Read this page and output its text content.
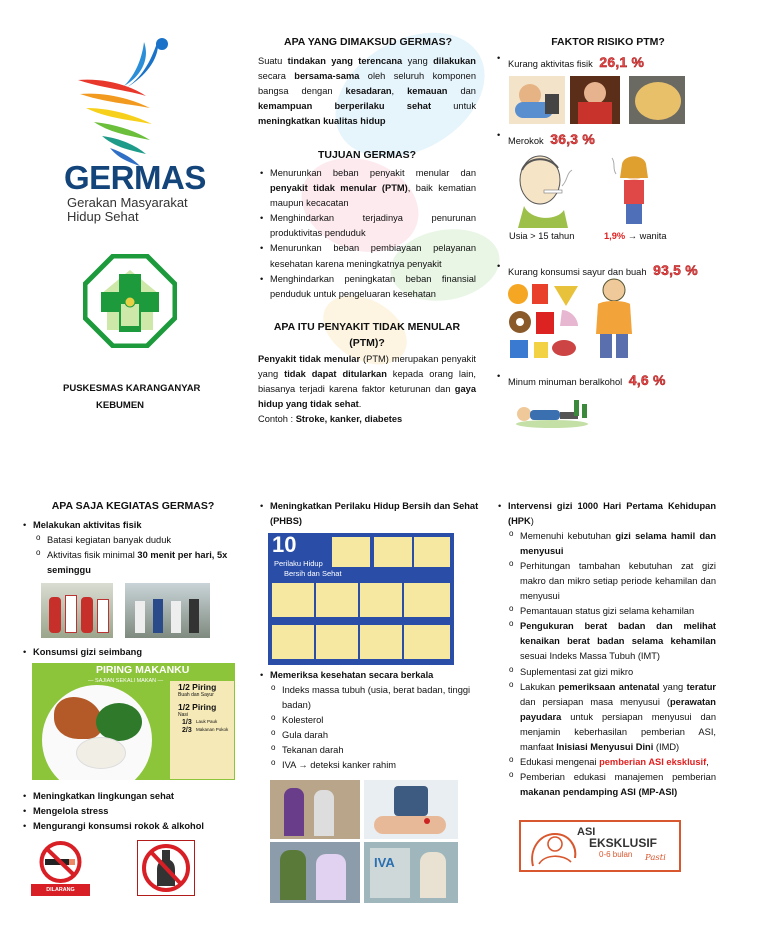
GERMAS
Gerakan Masyarakat
Hidup Sehat
PUSKESMAS KARANGANYAR
KEBUMEN
APA YANG DIMAKSUD GERMAS?

Suatu tindakan yang terencana yang dilakukan secara bersama-sama oleh seluruh komponen bangsa dengan kesadaran, kemauan dan kemampuan berperilaku sehat untuk meningkatkan kualitas hidup

TUJUAN GERMAS?
• Menurunkan beban penyakit menular dan penyakit tidak menular (PTM), baik kematian maupun kecacatan
• Menghindarkan terjadinya penurunan produktivitas penduduk
• Menurunkan beban pembiayaan pelayanan kesehatan karena meningkatnya penyakit
• Menghindarkan peningkatan beban finansial penduduk untuk pengeluaran kesehatan
APA ITU PENYAKIT TIDAK MENULAR
(PTM)?

Penyakit tidak menular (PTM) merupakan penyakit yang tidak dapat ditularkan kepada orang lain, biasanya terjadi karena faktor keturunan dan gaya hidup yang tidak sehat.
Contoh : Stroke, kanker, diabetes

FAKTOR RISIKO PTM?
•
Kurang aktivitas fisik 26,1 %
•
Merokok 36,3 %
Usia > 15 tahun	1,9% → wanita
•
Kurang konsumsi sayur dan buah 93,5 %
•
Minum minuman beralkohol 4,6 %
APA SAJA KEGIATAS GERMAS?
• Melakukan aktivitas fisik
o Batasi kegiatan banyak duduk
o Aktivitas fisik minimal 30 menit per hari, 5x seminggu
• Konsumsi gizi seimbang
PIRING MAKANKU
— SAJIAN SEKALI MAKAN —
1/2 Piring
Buah dan Sayur
1/2 Piring
Nasi
1/3 Lauk Pauk
2/3 Makanan Pokok
• Meningkatkan lingkungan sehat
• Mengelola stress
• Mengurangi konsumsi rokok & alkohol
DILARANG MEROKOK!
• Meningkatkan Perilaku Hidup Bersih dan Sehat
(PHBS)
10
Perilaku Hidup
Bersih dan Sehat
• Memeriksa kesehatan secara berkala
o Indeks massa tubuh (usia, berat badan, tinggi badan)
o Kolesterol
o Gula darah
o Tekanan darah
o IVA → deteksi kanker rahim
IVA
• Intervensi gizi 1000 Hari Pertama Kehidupan (HPK)
o Memenuhi kebutuhan gizi selama hamil dan menyusui
o Perhitungan tambahan kebutuhan zat gizi makro dan mikro setiap periode kehamilan dan menyusui
o Pemantauan status gizi selama kehamilan
o Pengukuran berat badan dan melihat kenaikan berat badan selama kehamilan sesuai Indeks Massa Tubuh (IMT)
o Suplementasi zat gizi mikro
o Lakukan pemeriksaan antenatal yang teratur dan persiapan masa menyusui (perawatan payudara untuk persiapan menyusui dan menjamin keberhasilan pemberian ASI, manfaat Inisiasi Menyusui Dini (IMD)
o Edukasi mengenai pemberian ASI eksklusif,
o Pemberian edukasi manajemen pemberian makanan pendamping ASI (MP-ASI)
ASI
EKSKLUSIF
0-6 bulan Pasti
